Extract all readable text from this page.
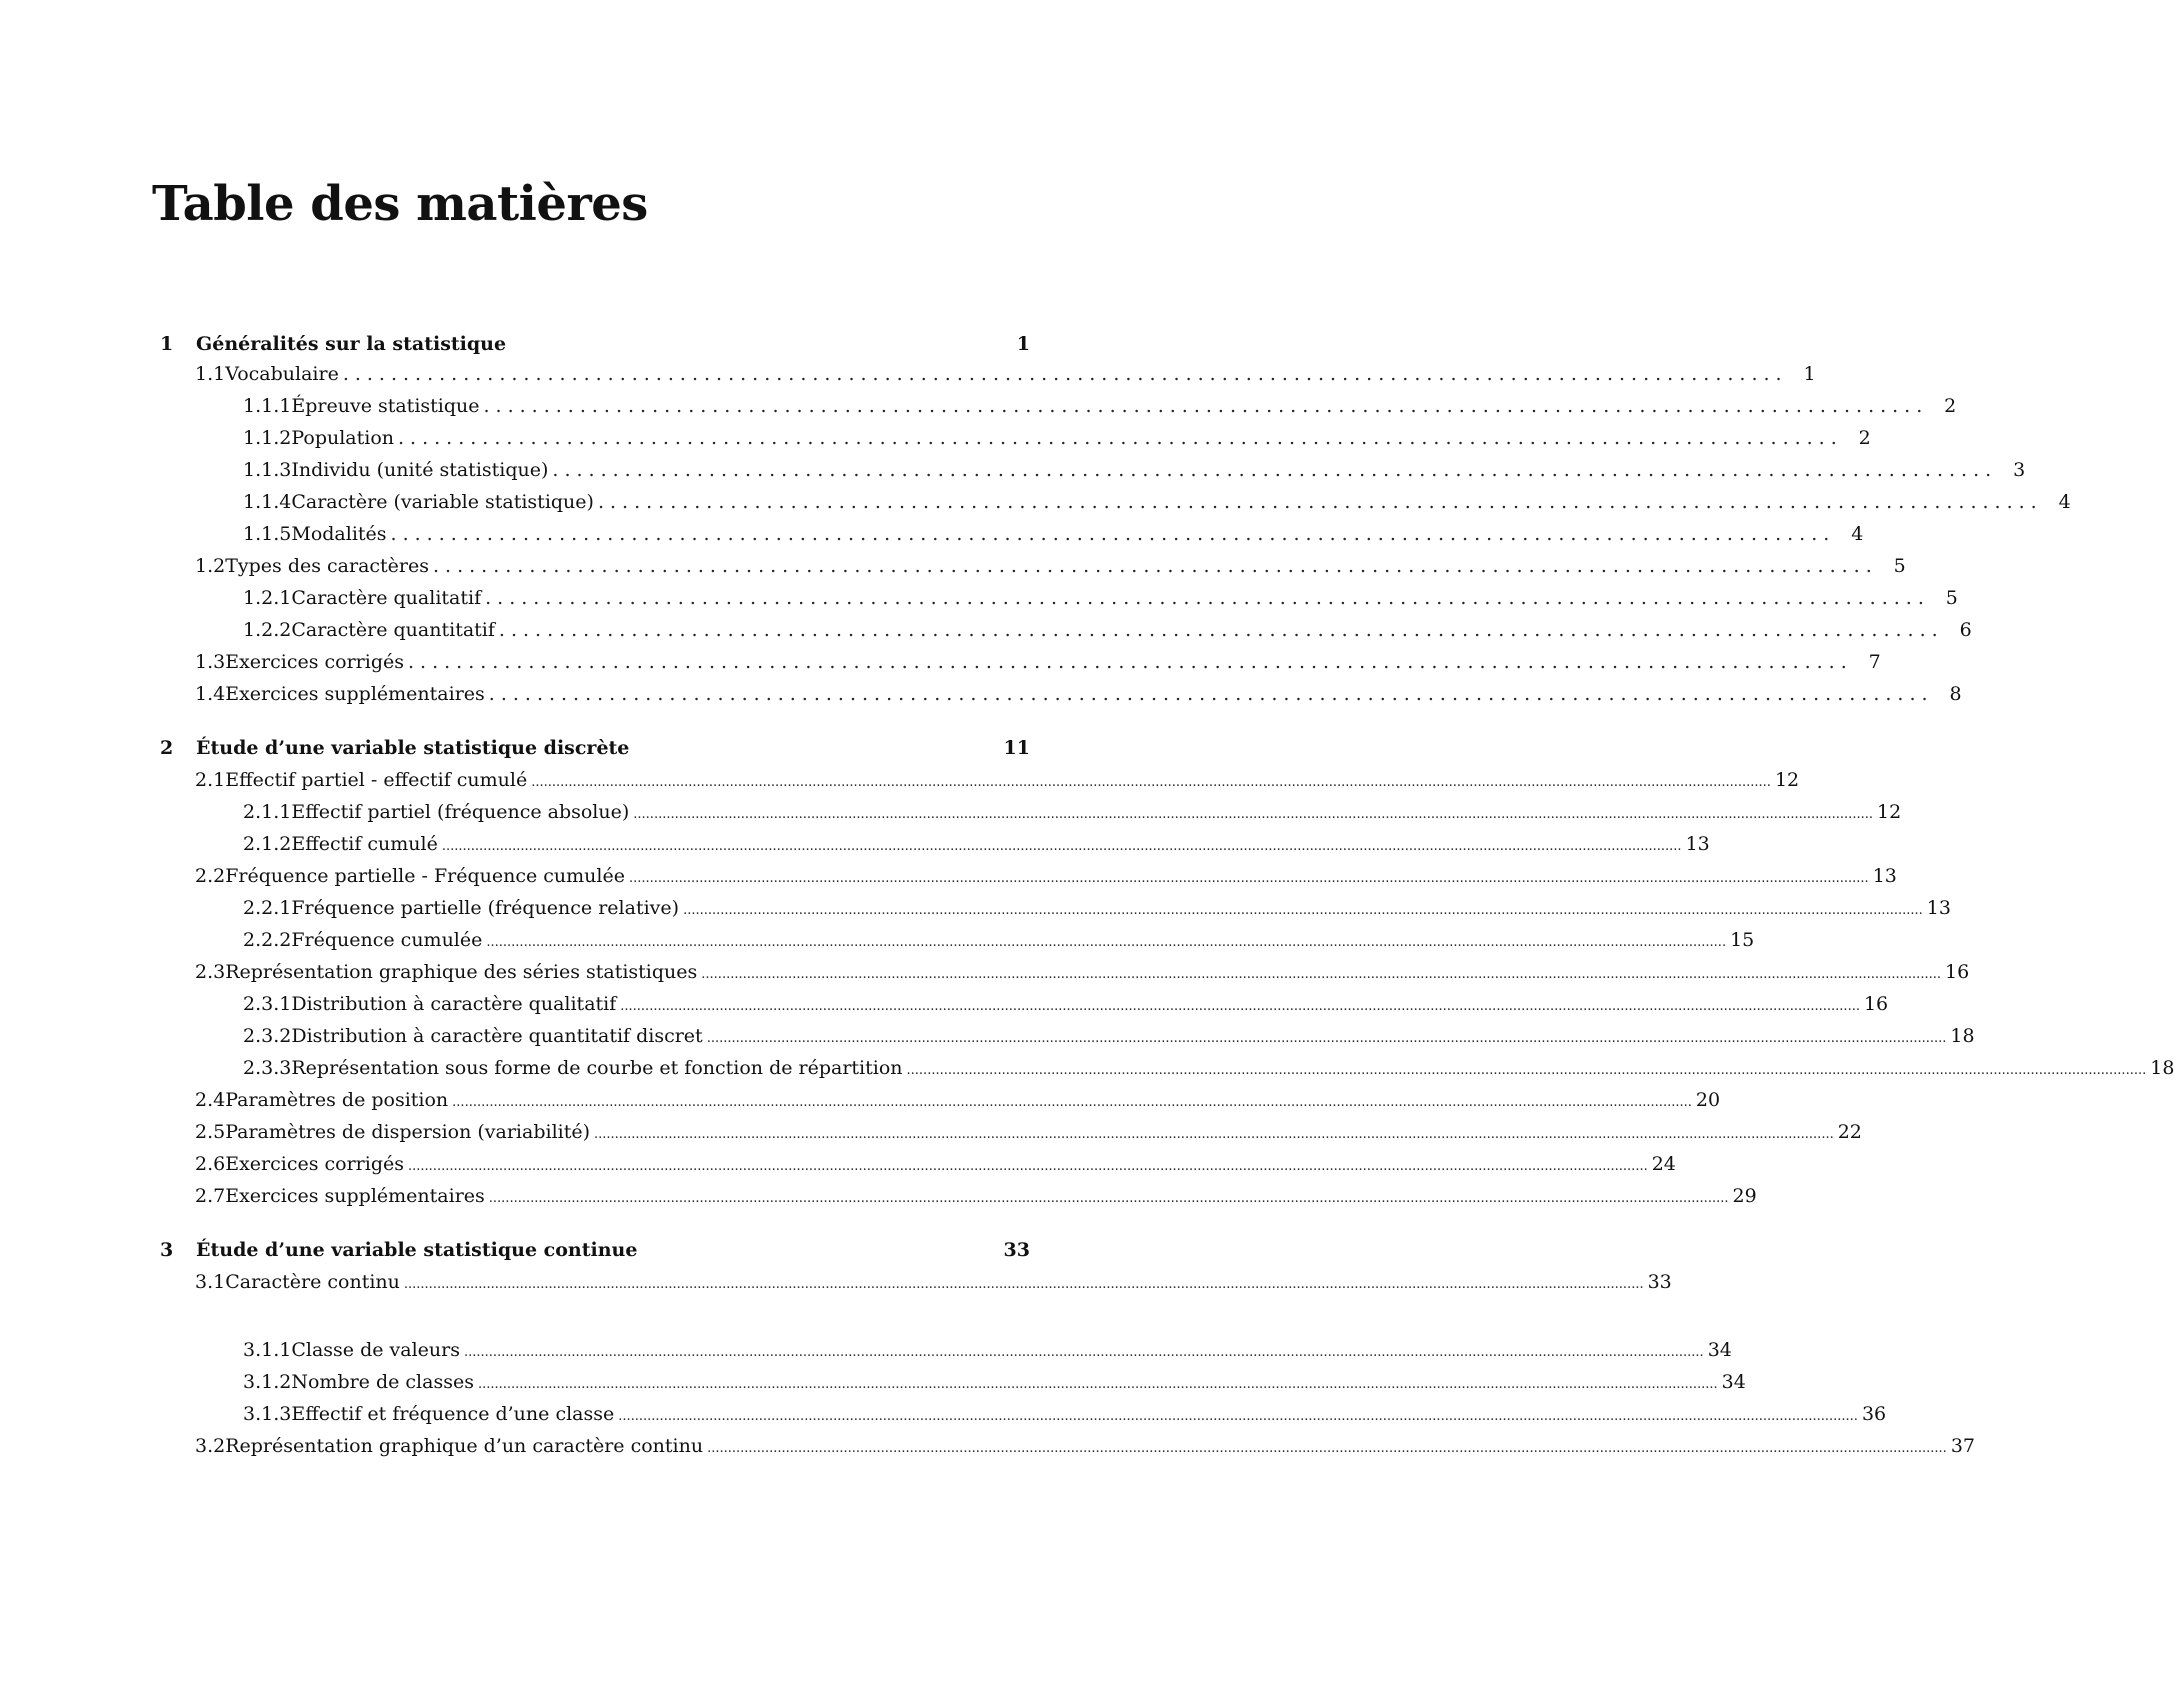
Table des matières
1	Généralités sur la statistique	1
1.1 Vocabulaire ........................................................................................................................ 1
1.1.1 Épreuve statistique ........................................................................................................................ 2
1.1.2 Population ........................................................................................................................ 2
1.1.3 Individu (unité statistique) ........................................................................................................................ 3
1.1.4 Caractère (variable statistique) ........................................................................................................................ 4
1.1.5 Modalités ........................................................................................................................ 4
1.2 Types des caractères ........................................................................................................................ 5
1.2.1 Caractère qualitatif ........................................................................................................................ 5
1.2.2 Caractère quantitatif ........................................................................................................................ 6
1.3 Exercices corrigés ........................................................................................................................ 7
1.4 Exercices supplémentaires ........................................................................................................................ 8
2	Étude d’une variable statistique discrète	11
2.1 Effectif partiel - effectif cumulé ............................................................................................................................................................................................................................................................................................................ 12
2.1.1 Effectif partiel (fréquence absolue) ............................................................................................................................................................................................................................................................................................................ 12
2.1.2 Effectif cumulé ............................................................................................................................................................................................................................................................................................................ 13
2.2 Fréquence partielle - Fréquence cumulée ............................................................................................................................................................................................................................................................................................................ 13
2.2.1 Fréquence partielle (fréquence relative) ............................................................................................................................................................................................................................................................................................................ 13
2.2.2 Fréquence cumulée ............................................................................................................................................................................................................................................................................................................ 15
2.3 Représentation graphique des séries statistiques ............................................................................................................................................................................................................................................................................................................ 16
2.3.1 Distribution à caractère qualitatif ............................................................................................................................................................................................................................................................................................................ 16
2.3.2 Distribution à caractère quantitatif discret ............................................................................................................................................................................................................................................................................................................ 18
2.3.3 Représentation sous forme de courbe et fonction de répartition ............................................................................................................................................................................................................................................................................................................ 18
2.4 Paramètres de position ............................................................................................................................................................................................................................................................................................................ 20
2.5 Paramètres de dispersion (variabilité) ............................................................................................................................................................................................................................................................................................................ 22
2.6 Exercices corrigés ............................................................................................................................................................................................................................................................................................................ 24
2.7 Exercices supplémentaires ............................................................................................................................................................................................................................................................................................................ 29
3	Étude d’une variable statistique continue	33
3.1 Caractère continu ............................................................................................................................................................................................................................................................................................................ 33
3.1.1 Classe de valeurs ............................................................................................................................................................................................................................................................................................................ 34
3.1.2 Nombre de classes ............................................................................................................................................................................................................................................................................................................ 34
3.1.3 Effectif et fréquence d’une classe ............................................................................................................................................................................................................................................................................................................ 36
3.2 Représentation graphique d’un caractère continu ............................................................................................................................................................................................................................................................................................................ 37
